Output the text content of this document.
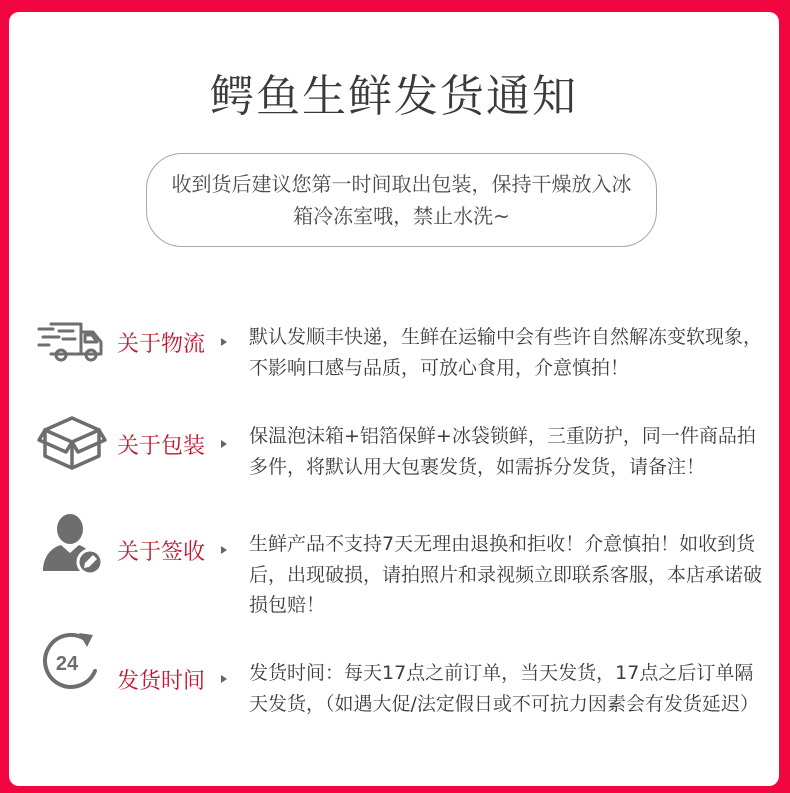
鳄鱼生鲜发货通知
收到货后建议您第一时间取出包装，保持干燥放入冰箱冷冻室哦，禁止水洗~
关于物流 默认发顺丰快递，生鲜在运输中会有些许自然解冻变软现象，不影响口感与品质，可放心食用，介意慎拍！
关于包装 保温泡沫箱+铝箔保鲜+冰袋锁鲜，三重防护，同一件商品拍多件，将默认用大包裹发货，如需拆分发货，请备注！
关于签收 生鲜产品不支持7天无理由退换和拒收！介意慎拍！如收到货后，出现破损，请拍照片和录视频立即联系客服，本店承诺破损包赔！
24
发货时间 发货时间：每天17点之前订单，当天发货，17点之后订单隔天发货，（如遇大促/法定假日或不可抗力因素会有发货延迟）
